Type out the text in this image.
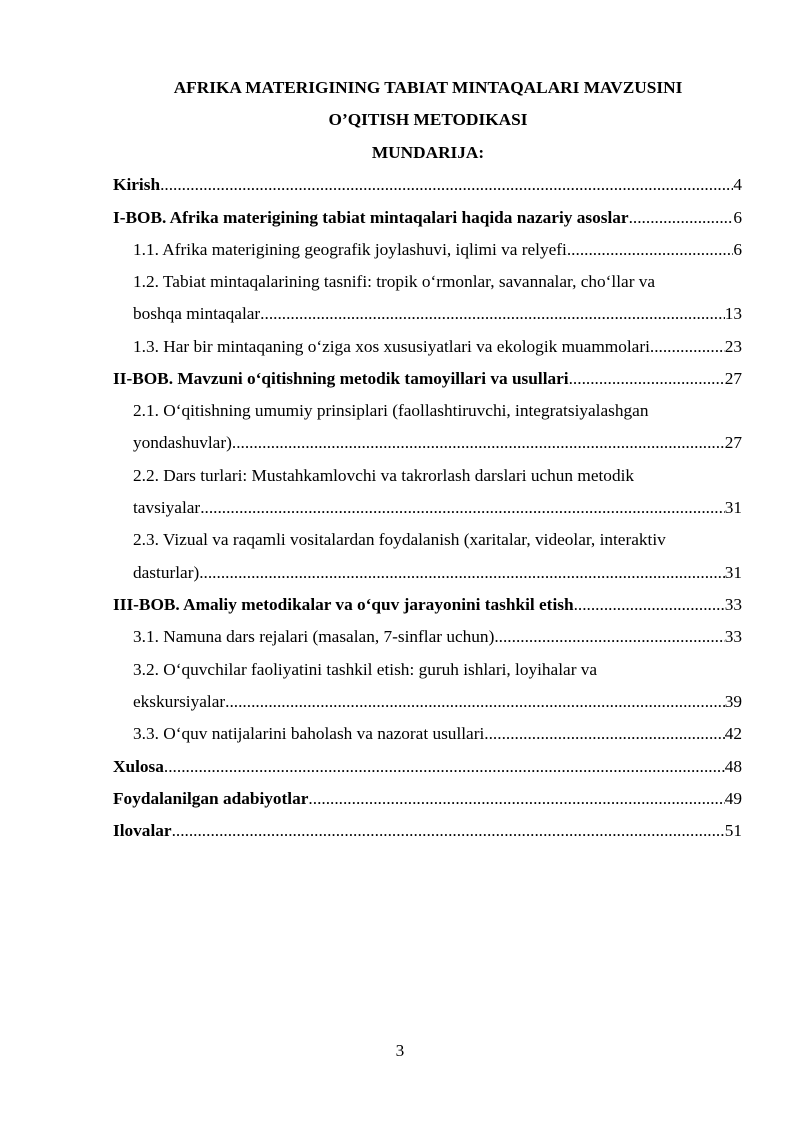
AFRIKA MATERIGINING TABIAT MINTAQALARI MAVZUSINI
O’QITISH METODIKASI
MUNDARIJA:
Kirish .....	4
I-BOB. Afrika materigining tabiat mintaqalari haqida nazariy asoslar .....	6
1.1. Afrika materigining geografik joylashuvi, iqlimi va relyefi .....	6
1.2. Tabiat mintaqalarining tasnifi: tropik o‘rmonlar, savannalar, cho‘llar va
boshqa mintaqalar .....	13
1.3. Har bir mintaqaning o‘ziga xos xususiyatlari va ekologik muammolari .....	23
II-BOB. Mavzuni o‘qitishning metodik tamoyillari va usullari .....	27
2.1. O‘qitishning umumiy prinsiplari (faollashtiruvchi, integratsiyalashgan
yondashuvlar) .....	27
2.2. Dars turlari: Mustahkamlovchi va takrorlash darslari uchun metodik
tavsiyalar .....	31
2.3. Vizual va raqamli vositalardan foydalanish (xaritalar, videolar, interaktiv
dasturlar) .....	31
III-BOB. Amaliy metodikalar va o‘quv jarayonini tashkil etish .....	33
3.1. Namuna dars rejalari (masalan, 7-sinflar uchun) .....	33
3.2. O‘quvchilar faoliyatini tashkil etish: guruh ishlari, loyihalar va
ekskursiyalar .....	39
3.3. O‘quv natijalarini baholash va nazorat usullari .....	42
Xulosa .....	48
Foydalanilgan adabiyotlar .....	49
Ilovalar .....	51
3
